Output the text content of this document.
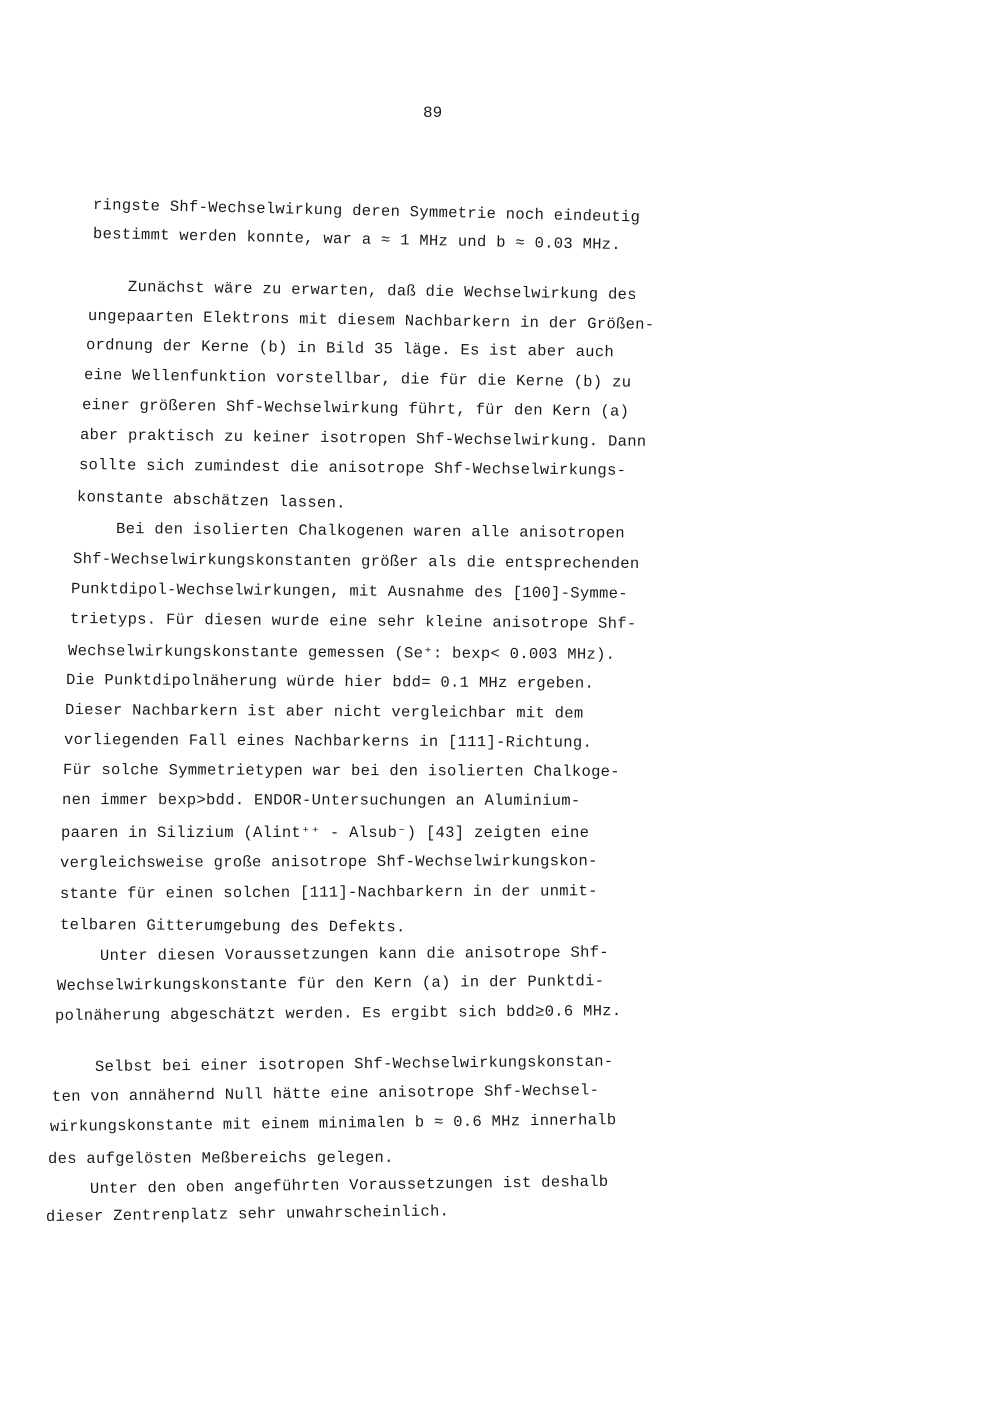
89
ringste Shf-Wechselwirkung deren Symmetrie noch eindeutig
bestimmt werden konnte, war a ≈ 1 MHz und b ≈ 0.03 MHz.
Zunächst wäre zu erwarten, daß die Wechselwirkung des
ungepaarten Elektrons mit diesem Nachbarkern in der Größen-
ordnung der Kerne (b) in Bild 35 läge. Es ist aber auch
eine Wellenfunktion vorstellbar, die für die Kerne (b) zu
einer größeren Shf-Wechselwirkung führt, für den Kern (a)
aber praktisch zu keiner isotropen Shf-Wechselwirkung. Dann
sollte sich zumindest die anisotrope Shf-Wechselwirkungs-
konstante abschätzen lassen.
Bei den isolierten Chalkogenen waren alle anisotropen
Shf-Wechselwirkungskonstanten größer als die entsprechenden
Punktdipol-Wechselwirkungen, mit Ausnahme des [100]-Symme-
trietyps. Für diesen wurde eine sehr kleine anisotrope Shf-
Wechselwirkungskonstante gemessen (Se⁺: bexp< 0.003 MHz).
Die Punktdipolnäherung würde hier bdd= 0.1 MHz ergeben.
Dieser Nachbarkern ist aber nicht vergleichbar mit dem
vorliegenden Fall eines Nachbarkerns in [111]-Richtung.
Für solche Symmetrietypen war bei den isolierten Chalkoge-
nen immer bexp>bdd. ENDOR-Untersuchungen an Aluminium-
paaren in Silizium (Alint⁺⁺ - Alsub⁻) [43] zeigten eine
vergleichsweise große anisotrope Shf-Wechselwirkungskon-
stante für einen solchen [111]-Nachbarkern in der unmit-
telbaren Gitterumgebung des Defekts.
Unter diesen Voraussetzungen kann die anisotrope Shf-
Wechselwirkungskonstante für den Kern (a) in der Punktdi-
polnäherung abgeschätzt werden. Es ergibt sich bdd≥0.6 MHz.
Selbst bei einer isotropen Shf-Wechselwirkungskonstan-
ten von annähernd Null hätte eine anisotrope Shf-Wechsel-
wirkungskonstante mit einem minimalen b ≈ 0.6 MHz innerhalb
des aufgelösten Meßbereichs gelegen.
Unter den oben angeführten Voraussetzungen ist deshalb
dieser Zentrenplatz sehr unwahrscheinlich.
